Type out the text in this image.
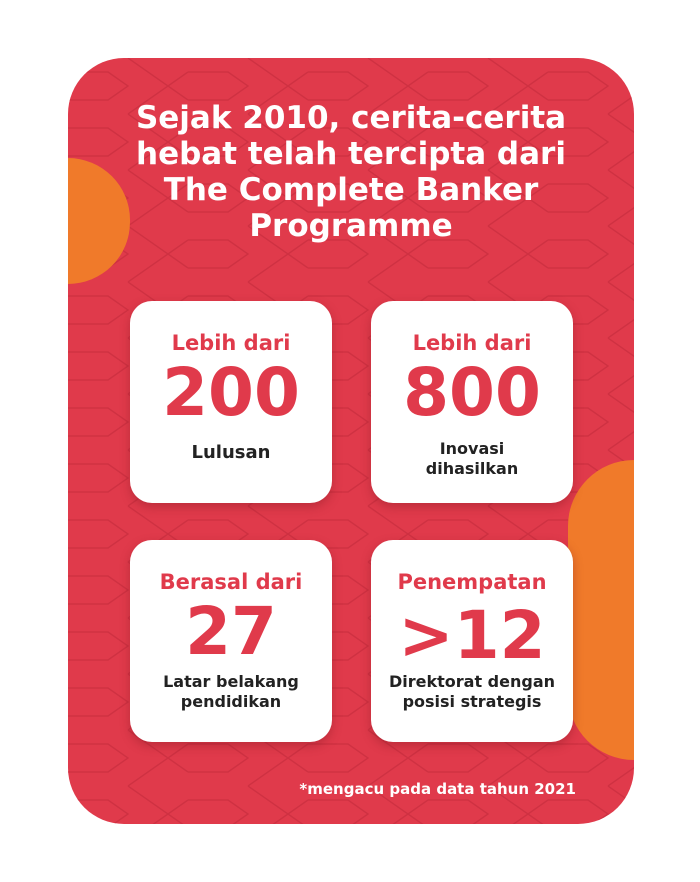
Sejak 2010, cerita-cerita
hebat telah tercipta dari
The Complete Banker
Programme
Lebih dari
200
Lulusan
Lebih dari
800
Inovasi
dihasilkan
Berasal dari
27
Latar belakang
pendidikan
Penempatan
>12
Direktorat dengan
posisi strategis
*mengacu pada data tahun 2021
